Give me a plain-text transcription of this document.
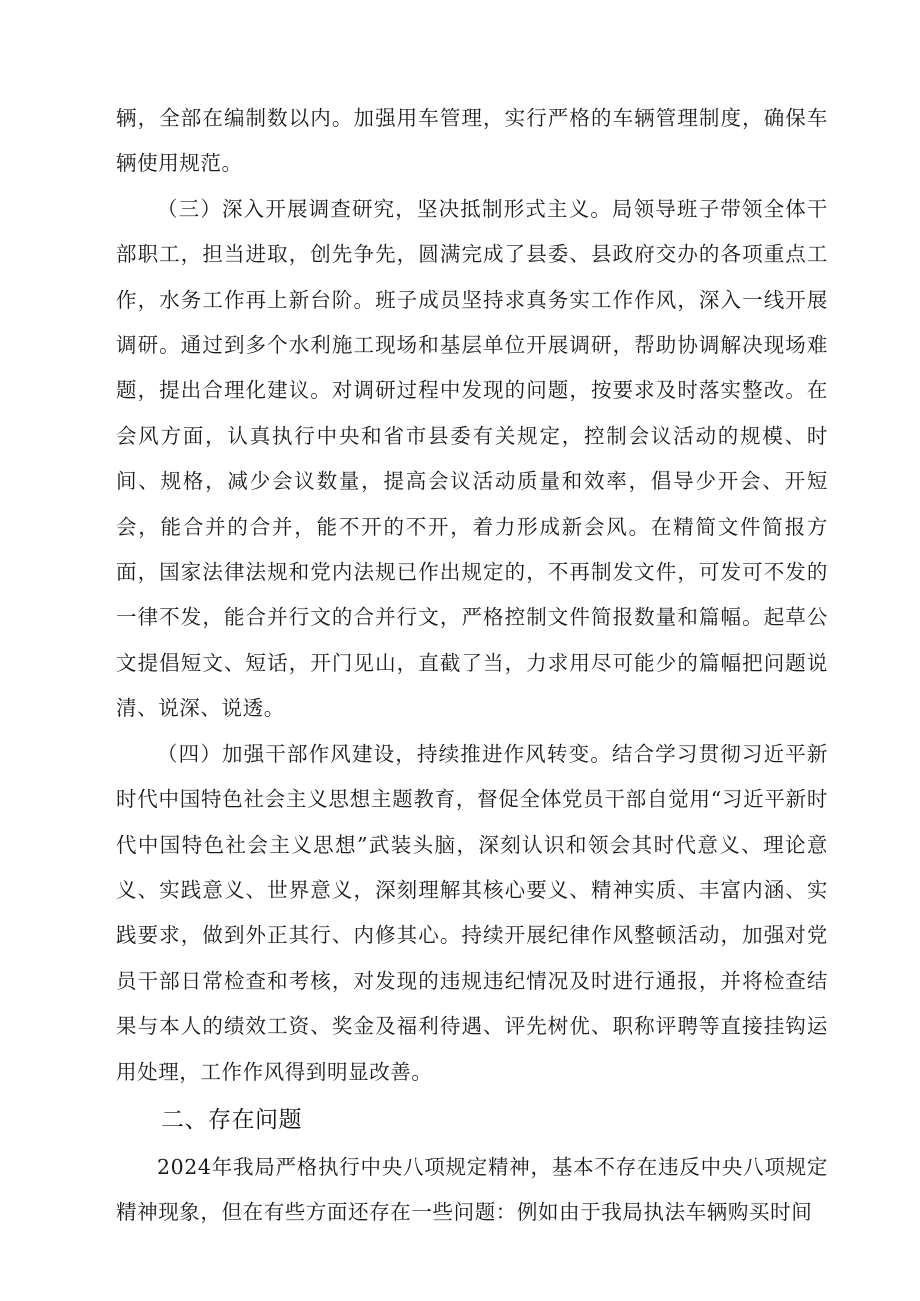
辆，全部在编制数以内。加强用车管理，实行严格的车辆管理制度，确保车辆使用规范。

（三）深入开展调查研究，坚决抵制形式主义。局领导班子带领全体干部职工，担当进取，创先争先，圆满完成了县委、县政府交办的各项重点工作，水务工作再上新台阶。班子成员坚持求真务实工作作风，深入一线开展调研。通过到多个水利施工现场和基层单位开展调研，帮助协调解决现场难题，提出合理化建议。对调研过程中发现的问题，按要求及时落实整改。在会风方面，认真执行中央和省市县委有关规定，控制会议活动的规模、时间、规格，减少会议数量，提高会议活动质量和效率，倡导少开会、开短会，能合并的合并，能不开的不开，着力形成新会风。在精简文件简报方面，国家法律法规和党内法规已作出规定的，不再制发文件，可发可不发的一律不发，能合并行文的合并行文，严格控制文件简报数量和篇幅。起草公文提倡短文、短话，开门见山，直截了当，力求用尽可能少的篇幅把问题说清、说深、说透。

（四）加强干部作风建设，持续推进作风转变。结合学习贯彻习近平新时代中国特色社会主义思想主题教育，督促全体党员干部自觉用“习近平新时代中国特色社会主义思想”武装头脑，深刻认识和领会其时代意义、理论意义、实践意义、世界意义，深刻理解其核心要义、精神实质、丰富内涵、实践要求，做到外正其行、内修其心。持续开展纪律作风整顿活动，加强对党员干部日常检查和考核，对发现的违规违纪情况及时进行通报，并将检查结果与本人的绩效工资、奖金及福利待遇、评先树优、职称评聘等直接挂钩运用处理，工作作风得到明显改善。

二、存在问题

2024年我局严格执行中央八项规定精神，基本不存在违反中央八项规定精神现象，但在有些方面还存在一些问题：例如由于我局执法车辆购买时间
